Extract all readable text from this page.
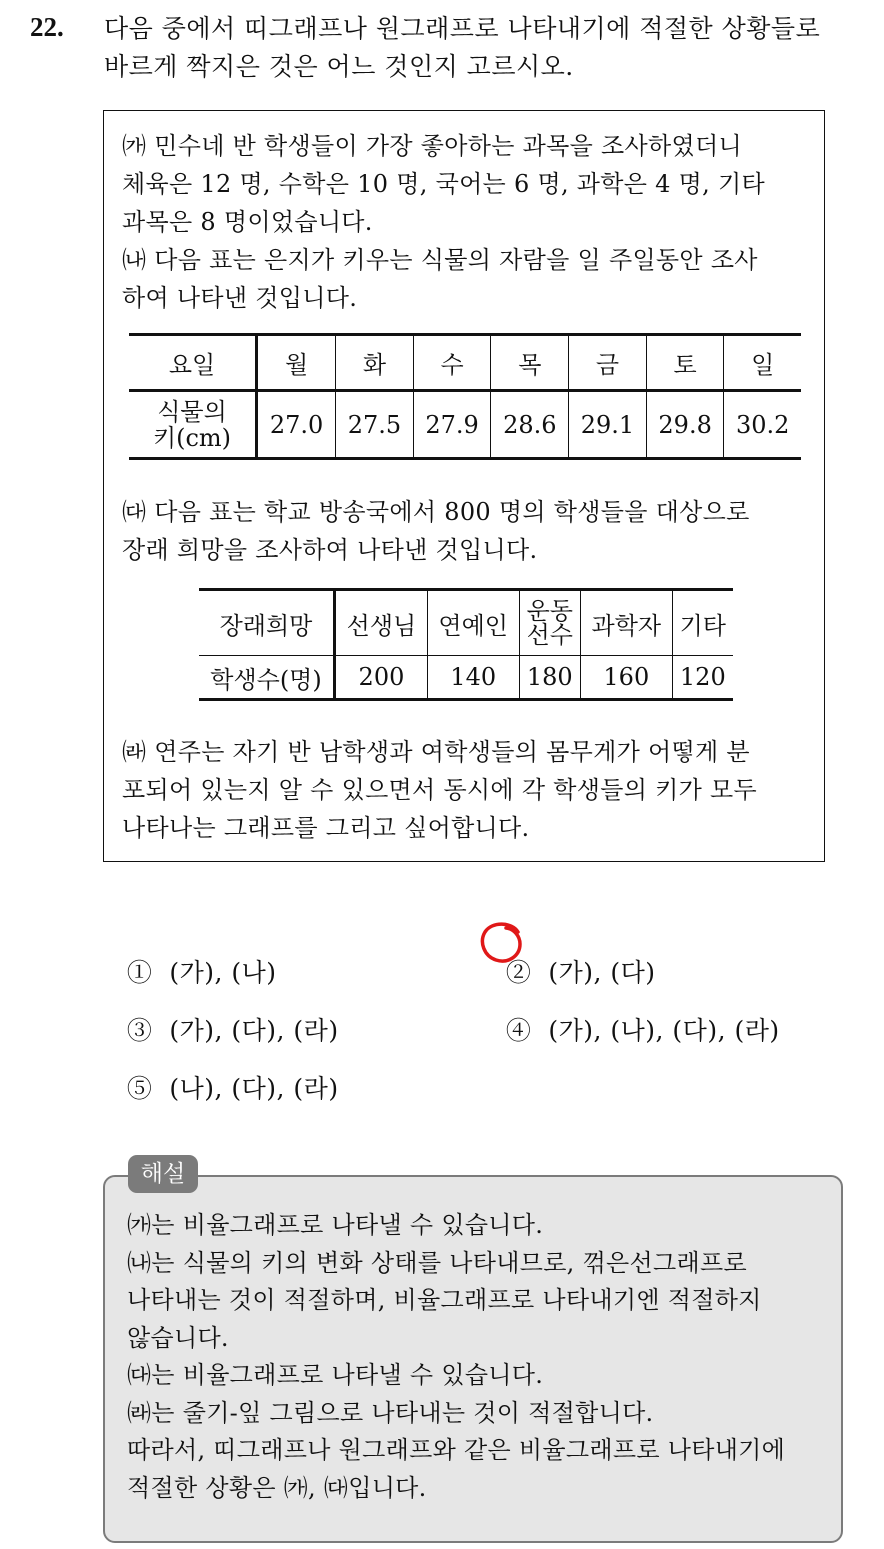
22. 다음 중에서 띠그래프나 원그래프로 나타내기에 적절한 상황들로
바르게 짝지은 것은 어느 것인지 고르시오.
㈎ 민수네 반 학생들이 가장 좋아하는 과목을 조사하였더니
체육은 12 명, 수학은 10 명, 국어는 6 명, 과학은 4 명, 기타
과목은 8 명이었습니다.
㈏ 다음 표는 은지가 키우는 식물의 자람을 일 주일동안 조사
하여 나타낸 것입니다.
요일	월	화	수	목	금	토	일

식물의
키(cm)	27.0	27.5	27.9	28.6	29.1	29.8	30.2
㈐ 다음 표는 학교 방송국에서 800 명의 학생들을 대상으로
장래 희망을 조사하여 나타낸 것입니다.
장래희망	선생님	연예인	운동
선수	과학자	기타
학생수(명)	200	140	180	160	120
㈑ 연주는 자기 반 남학생과 여학생들의 몸무게가 어떻게 분
포되어 있는지 알 수 있으면서 동시에 각 학생들의 키가 모두
나타나는 그래프를 그리고 싶어합니다.

① (가), (나)	② (가), (다)

③ (가), (다), (라)	④ (가), (나), (다), (라)

⑤ (나), (다), (라)

㈎는 비율그래프로 나타낼 수 있습니다.
㈏는 식물의 키의 변화 상태를 나타내므로, 꺾은선그래프로
나타내는 것이 적절하며, 비율그래프로 나타내기엔 적절하지
않습니다.
㈐는 비율그래프로 나타낼 수 있습니다.
㈑는 줄기-잎 그림으로 나타내는 것이 적절합니다.
따라서, 띠그래프나 원그래프와 같은 비율그래프로 나타내기에
적절한 상황은 ㈎, ㈐입니다.
해설
